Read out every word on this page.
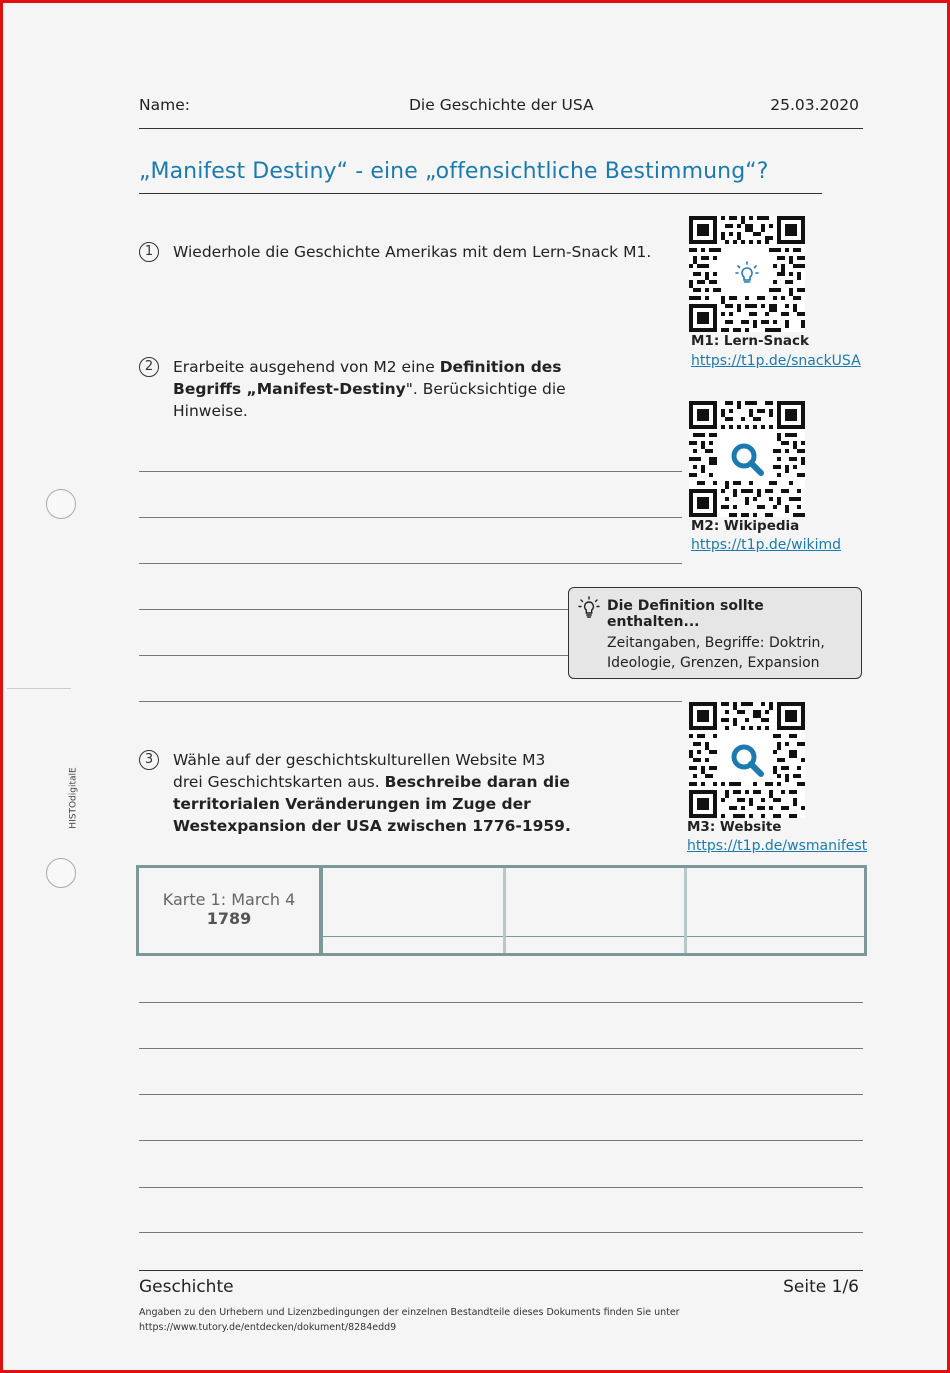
HISTOdigitalE
Name:	Die Geschichte der USA	25.03.2020
„Manifest Destiny“ - eine „offensichtliche Bestimmung“?
1	Wiederhole die Geschichte Amerikas mit dem Lern-Snack M1.
M1: Lern-Snack
https://t1p.de/snackUSA
2	Erarbeite ausgehend von M2 eine Definition des
Begriffs „Manifest-Destiny". Berücksichtige die
Hinweise.
M2: Wikipedia
https://t1p.de/wikimd
Die Definition sollte enthalten...
Zeitangaben, Begriffe: Doktrin,
Ideologie, Grenzen, Expansion
3	Wähle auf der geschichtskulturellen Website M3
drei Geschichtskarten aus. Beschreibe daran die
territorialen Veränderungen im Zuge der
Westexpansion der USA zwischen 1776-1959.	M3: Website
https://t1p.de/wsmanifest
Karte 1: March 4
1789
Geschichte	Seite 1/6
Angaben zu den Urhebern und Lizenzbedingungen der einzelnen Bestandteile dieses Dokuments finden Sie unter
https://www.tutory.de/entdecken/dokument/8284edd9
